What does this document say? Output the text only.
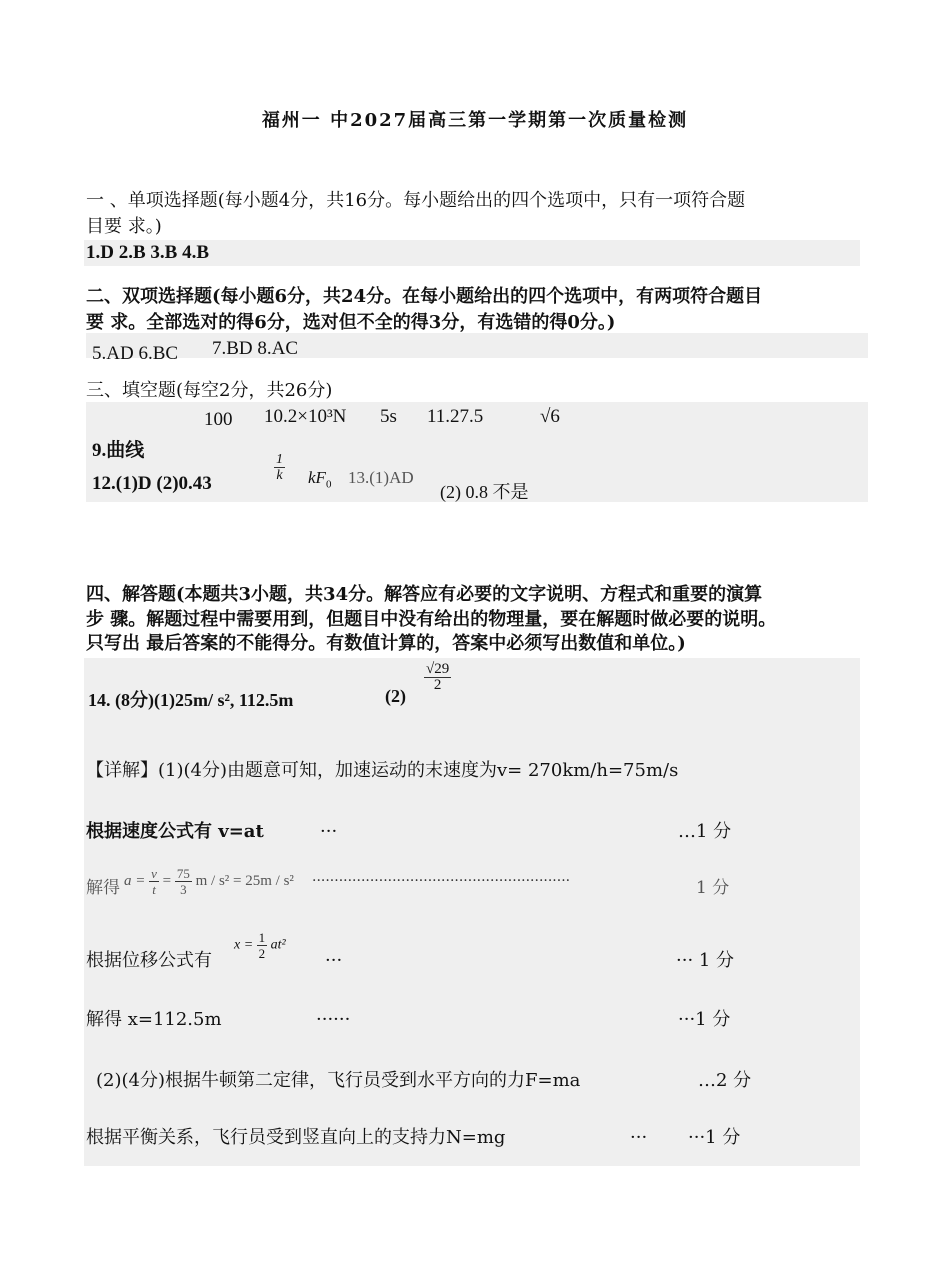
福州一 中2027届高三第一学期第一次质量检测
一 、单项选择题(每小题4分，共16分。每小题给出的四个选项中，只有一项符合题
目要 求。)
1.D 2.B 3.B 4.B
二、双项选择题(每小题6分，共24分。在每小题给出的四个选项中，有两项符合题目
要 求。全部选对的得6分，选对但不全的得3分，有选错的得0分。)
5.AD 6.BC 7.BD 8.AC
三、填空题(每空2分，共26分)
100 10.2×10³N 5s 11.27.5	√6
9.曲线
12.(1)D (2)0.43
$\frac{1}{k} kF_0$ 13.(1)AD
(2) 0.8 不是
四、解答题(本题共3小题，共34分。解答应有必要的文字说明、方程式和重要的演算
步 骤。解题过程中需要用到，但题目中没有给出的物理量，要在解题时做必要的说明。
只写出 最后答案的不能得分。有数值计算的，答案中必须写出数值和单位。)
14. (8分)(1)25m/ s², 112.5m	(2)
$\frac{√29}{2}$
【详解】(1)(4分)由题意可知，加速运动的末速度为v= 270km/h=75m/s
根据速度公式有 v=at	···	…1 分
解得 $a = \frac{v}{t} = \frac{75}{3}$ m / s² = 25m / s² ··························································	1 分
根据位移公式有
$x = \frac{1}{2} at^2$
···	··· 1 分
解得 x=112.5m	······	···1 分
(2)(4分)根据牛顿第二定律，飞行员受到水平方向的力F=ma	…2 分
根据平衡关系，飞行员受到竖直向上的支持力N=mg	··· ···1 分
